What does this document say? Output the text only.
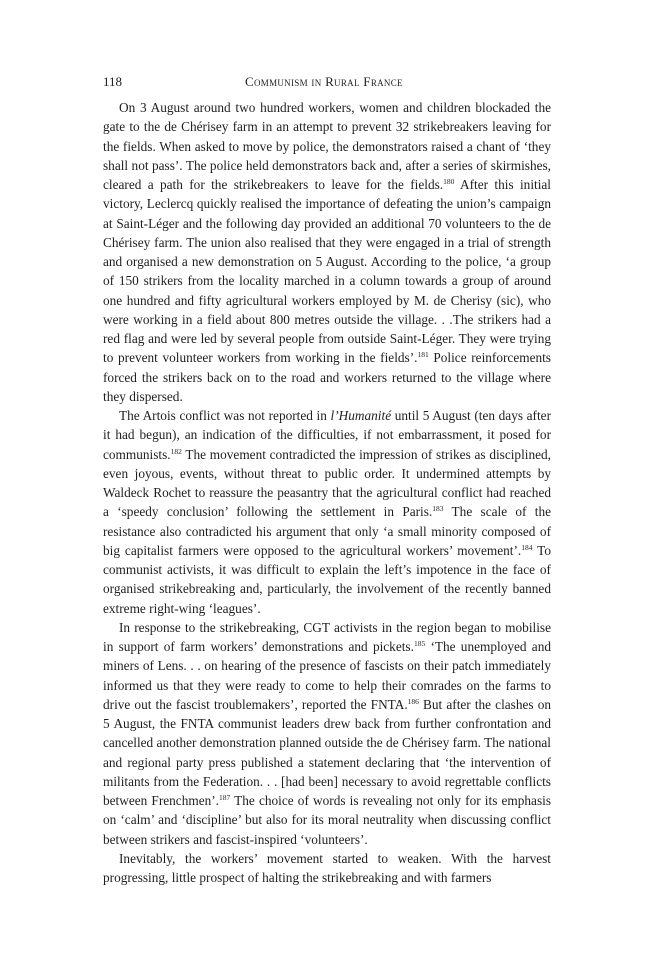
118	Communism in Rural France

On 3 August around two hundred workers, women and children blockaded the gate to the de Chérisey farm in an attempt to prevent 32 strikebreakers leaving for the fields. When asked to move by police, the demonstrators raised a chant of ‘they shall not pass’. The police held demonstrators back and, after a series of skirmishes, cleared a path for the strikebreakers to leave for the fields.$^{180}$ After this initial victory, Leclercq quickly realised the importance of defeating the union’s campaign at Saint-Léger and the following day provided an additional 70 volunteers to the de Chérisey farm. The union also realised that they were engaged in a trial of strength and organised a new demonstration on 5 August. According to the police, ‘a group of 150 strikers from the locality marched in a column towards a group of around one hundred and fifty agricultural workers employed by M. de Cherisy (sic), who were working in a field about 800 metres outside the village. . .The strikers had a red flag and were led by several people from outside Saint-Léger. They were trying to prevent volunteer workers from working in the fields’.$^{181}$ Police reinforcements forced the strikers back on to the road and workers returned to the village where they dispersed.

The Artois conflict was not reported in l’Humanité until 5 August (ten days after it had begun), an indication of the difficulties, if not embarrassment, it posed for communists.$^{182}$ The movement contradicted the impression of strikes as disciplined, even joyous, events, without threat to public order. It undermined attempts by Waldeck Rochet to reassure the peasantry that the agricultural conflict had reached a ‘speedy conclusion’ following the settlement in Paris.$^{183}$ The scale of the resistance also contradicted his argument that only ‘a small minority composed of big capitalist farmers were opposed to the agricultural workers’ movement’.$^{184}$ To communist activists, it was difficult to explain the left’s impotence in the face of organised strikebreaking and, particularly, the involvement of the recently banned extreme right-wing ‘leagues’.

In response to the strikebreaking, CGT activists in the region began to mobilise in support of farm workers’ demonstrations and pickets.$^{185}$ ‘The unemployed and miners of Lens. . . on hearing of the presence of fascists on their patch immediately informed us that they were ready to come to help their comrades on the farms to drive out the fascist troublemakers’, reported the FNTA.$^{186}$ But after the clashes on 5 August, the FNTA communist leaders drew back from further confrontation and cancelled another demonstration planned outside the de Chérisey farm. The national and regional party press published a statement declaring that ‘the intervention of militants from the Federation. . . [had been] necessary to avoid regrettable conflicts between Frenchmen’.$^{187}$ The choice of words is revealing not only for its emphasis on ‘calm’ and ‘discipline’ but also for its moral neutrality when discussing conflict between strikers and fascist-inspired ‘volunteers’.

Inevitably, the workers’ movement started to weaken. With the harvest progressing, little prospect of halting the strikebreaking and with farmers
